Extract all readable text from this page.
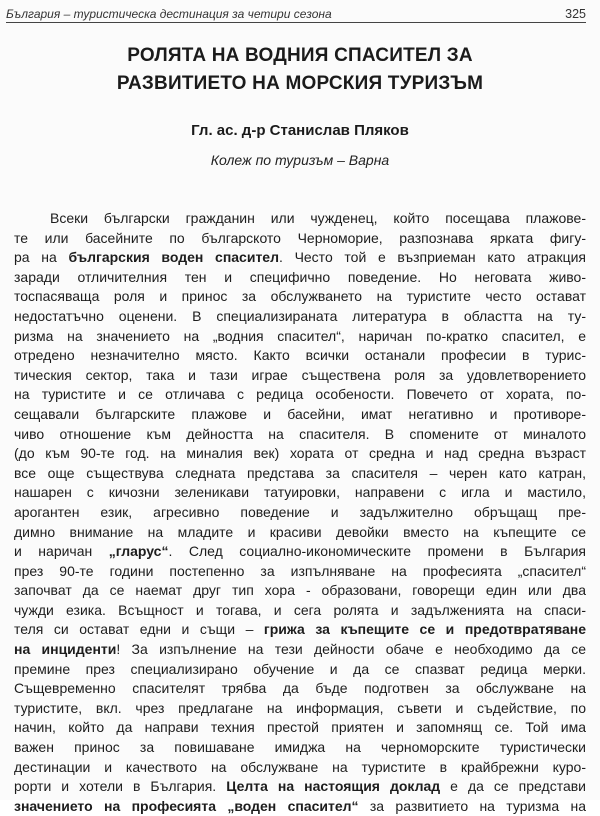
България – туристическа дестинация за четири сезона	325
РОЛЯТА НА ВОДНИЯ СПАСИТЕЛ ЗА
РАЗВИТИЕТО НА МОРСКИЯ ТУРИЗЪМ
Гл. ас. д-р Станислав Пляков
Колеж по туризъм – Варна
Всеки български гражданин или чужденец, който посещава плажове-
те или басейните по българското Черноморие, разпознава ярката фигу-
ра на българския воден спасител. Често той е възприеман като атракция
заради отличителния тен и специфично поведение. Но неговата живо-
тоспасяваща роля и принос за обслужването на туристите често остават
недостатъчно оценени. В специализираната литература в областта на ту-
ризма на значението на „водния спасител“, наричан по-кратко спасител, е
отредено незначително място. Както всички останали професии в турис-
тическия сектор, така и тази играе съществена роля за удовлетворението
на туристите и се отличава с редица особености. Повечето от хората, по-
сещавали българските плажове и басейни, имат негативно и противоре-
чиво отношение към дейността на спасителя. В спомените от миналото
(до към 90-те год. на миналия век) хората от средна и над средна възраст
все още съществува следната представа за спасителя – черен като катран,
нашарен с кичозни зеленикави татуировки, направени с игла и мастило,
арогантен език, агресивно поведение и задължително обръщащ пре-
димно внимание на младите и красиви девойки вместо на къпещите се
и наричан „гларус“. След социално-икономическите промени в България
през 90-те години постепенно за изпълняване на професията „спасител“
започват да се наемат друг тип хора - образовани, говорещи един или два
чужди езика. Всъщност и тогава, и сега ролята и задълженията на спаси-
теля си остават едни и същи – грижа за къпещите се и предотвратяване
на инциденти! За изпълнение на тези дейности обаче е необходимо да се
премине през специализирано обучение и да се спазват редица мерки.
Същевременно спасителят трябва да бъде подготвен за обслужване на
туристите, вкл. чрез предлагане на информация, съвети и съдействие, по
начин, който да направи техния престой приятен и запомнящ се. Той има
важен принос за повишаване имиджа на черноморските туристически
дестинации и качеството на обслужване на туристите в крайбрежни куро-
рорти и хотели в България. Целта на настоящия доклад е да се представи
значението на професията „воден спасител“ за развитието на туризма на
